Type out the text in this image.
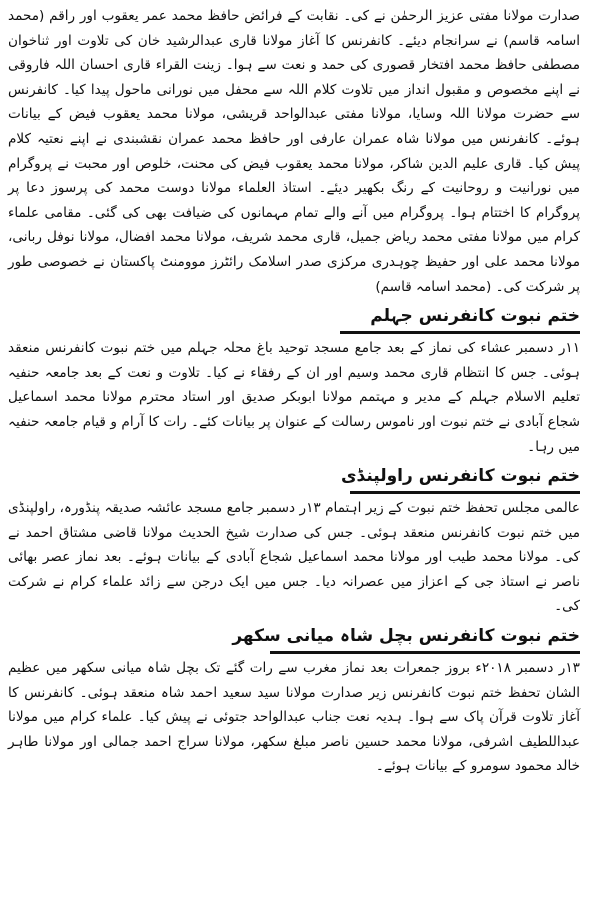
صدارت مولانا مفتی عزیز الرحمٰن نے کی۔ نقابت کے فرائض حافظ محمد عمر یعقوب اور راقم (محمد اسامہ قاسم) نے سرانجام دیئے۔ کانفرنس کا آغاز مولانا قاری عبدالرشید خان کی تلاوت اور ثناخوان مصطفی حافظ محمد افتخار قصوری کی حمد و نعت سے ہوا۔ زینت القراء قاری احسان اللہ فاروقی نے اپنے مخصوص و مقبول انداز میں تلاوت کلام اللہ سے محفل میں نورانی ماحول پیدا کیا۔ کانفرنس سے حضرت مولانا اللہ وسایا، مولانا مفتی عبدالواحد قریشی، مولانا محمد یعقوب فیض کے بیانات ہوئے۔ کانفرنس میں مولانا شاہ عمران عارفی اور حافظ محمد عمران نقشبندی نے اپنے نعتیہ کلام پیش کیا۔ قاری علیم الدین شاکر، مولانا محمد یعقوب فیض کی محنت، خلوص اور محبت نے پروگرام میں نورانیت و روحانیت کے رنگ بکھیر دیئے۔ استاذ العلماء مولانا دوست محمد کی پرسوز دعا پر پروگرام کا اختتام ہوا۔ پروگرام میں آنے والے تمام مہمانوں کی ضیافت بھی کی گئی۔ مقامی علماء کرام میں مولانا مفتی محمد ریاض جمیل، قاری محمد شریف، مولانا محمد افضال، مولانا نوفل ربانی، مولانا محمد علی اور حفیظ چوہدری مرکزی صدر اسلامک رائٹرز موومنٹ پاکستان نے خصوصی طور پر شرکت کی۔ (محمد اسامہ قاسم)

ختم نبوت کانفرنس جہلم

۱۱ر دسمبر عشاء کی نماز کے بعد جامع مسجد توحید باغ محلہ جہلم میں ختم نبوت کانفرنس منعقد ہوئی۔ جس کا انتظام قاری محمد وسیم اور ان کے رفقاء نے کیا۔ تلاوت و نعت کے بعد جامعہ حنفیہ تعلیم الاسلام جہلم کے مدیر و مہتمم مولانا ابوبکر صدیق اور استاد محترم مولانا محمد اسماعیل شجاع آبادی نے ختم نبوت اور ناموس رسالت کے عنوان پر بیانات کئے۔ رات کا آرام و قیام جامعہ حنفیہ میں رہا۔

ختم نبوت کانفرنس راولپنڈی

عالمی مجلس تحفظ ختم نبوت کے زیر اہتمام ۱۳ر دسمبر جامع مسجد عائشہ صدیقہ پنڈورہ، راولپنڈی میں ختم نبوت کانفرنس منعقد ہوئی۔ جس کی صدارت شیخ الحدیث مولانا قاضی مشتاق احمد نے کی۔ مولانا محمد طیب اور مولانا محمد اسماعیل شجاع آبادی کے بیانات ہوئے۔ بعد نماز عصر بھائی ناصر نے استاذ جی کے اعزاز میں عصرانہ دیا۔ جس میں ایک درجن سے زائد علماء کرام نے شرکت کی۔

ختم نبوت کانفرنس بچل شاہ میانی سکھر

۱۳ر دسمبر ۲۰۱۸ء بروز جمعرات بعد نماز مغرب سے رات گئے تک بچل شاہ میانی سکھر میں عظیم الشان تحفظ ختم نبوت کانفرنس زیر صدارت مولانا سید سعید احمد شاہ منعقد ہوئی۔ کانفرنس کا آغاز تلاوت قرآن پاک سے ہوا۔ ہدیہ نعت جناب عبدالواحد جتوئی نے پیش کیا۔ علماء کرام میں مولانا عبداللطیف اشرفی، مولانا محمد حسین ناصر مبلغ سکھر، مولانا سراج احمد جمالی اور مولانا طاہر خالد محمود سومرو کے بیانات ہوئے۔
